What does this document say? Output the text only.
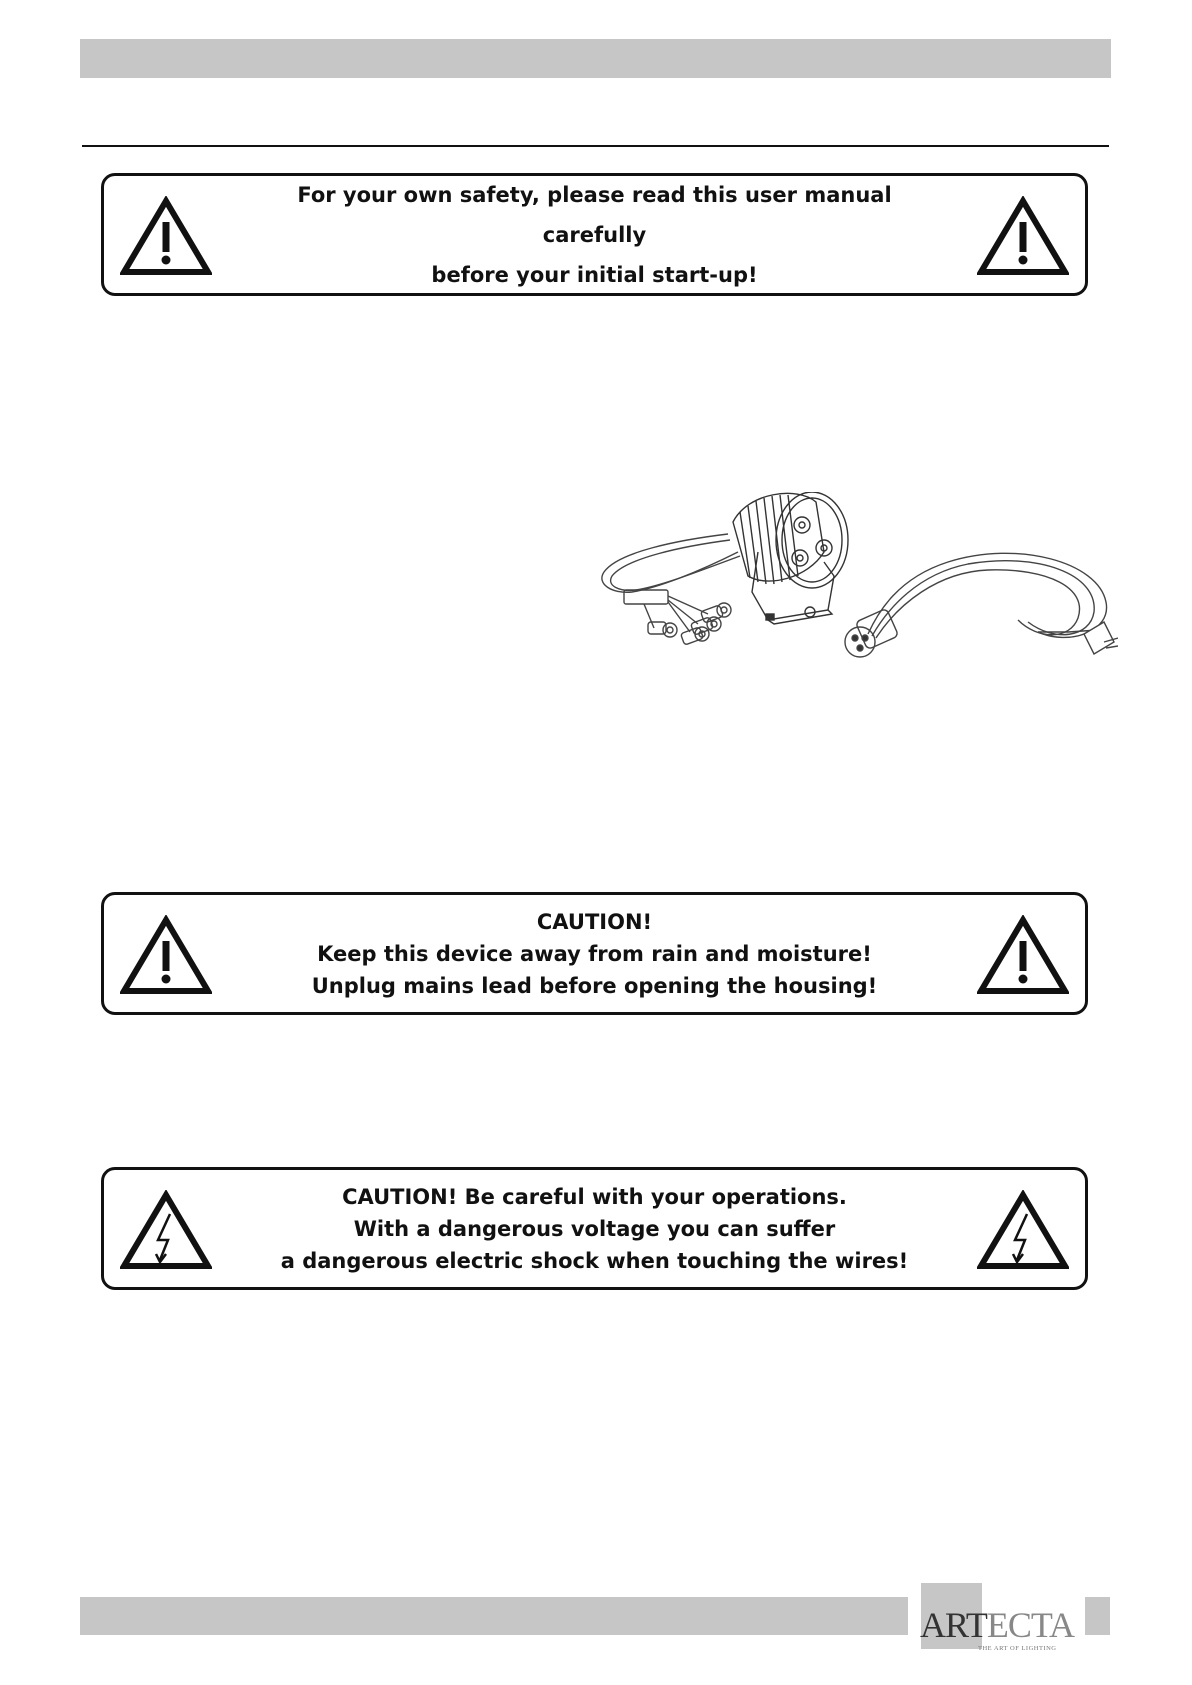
For your own safety, please read this user manual carefully
before your initial start-up!
CAUTION!
Keep this device away from rain and moisture!
Unplug mains lead before opening the housing!
CAUTION! Be careful with your operations.
With a dangerous voltage you can suffer
a dangerous electric shock when touching the wires!
ARTECTA
THE ART OF LIGHTING
